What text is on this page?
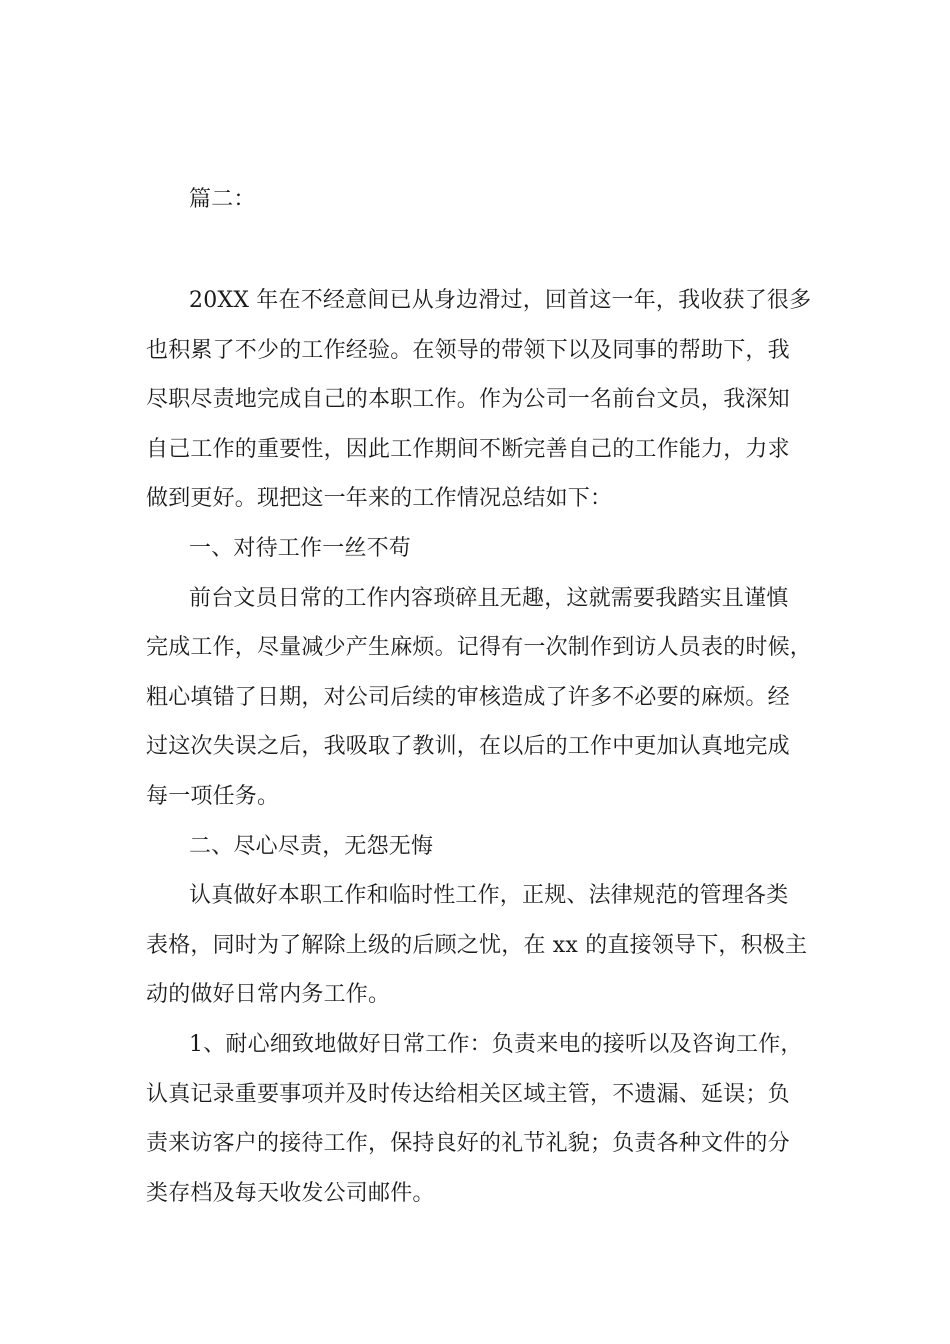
篇二：
20XX 年在不经意间已从身边滑过，回首这一年，我收获了很多
也积累了不少的工作经验。在领导的带领下以及同事的帮助下，我
尽职尽责地完成自己的本职工作。作为公司一名前台文员，我深知
自己工作的重要性，因此工作期间不断完善自己的工作能力，力求
做到更好。现把这一年来的工作情况总结如下：
一、对待工作一丝不苟
前台文员日常的工作内容琐碎且无趣，这就需要我踏实且谨慎
完成工作，尽量减少产生麻烦。记得有一次制作到访人员表的时候，
粗心填错了日期，对公司后续的审核造成了许多不必要的麻烦。经
过这次失误之后，我吸取了教训，在以后的工作中更加认真地完成
每一项任务。
二、尽心尽责，无怨无悔
认真做好本职工作和临时性工作，正规、法律规范的管理各类
表格，同时为了解除上级的后顾之忧，在 xx 的直接领导下，积极主
动的做好日常内务工作。
1、耐心细致地做好日常工作：负责来电的接听以及咨询工作，
认真记录重要事项并及时传达给相关区域主管，不遗漏、延误；负
责来访客户的接待工作，保持良好的礼节礼貌；负责各种文件的分
类存档及每天收发公司邮件。
